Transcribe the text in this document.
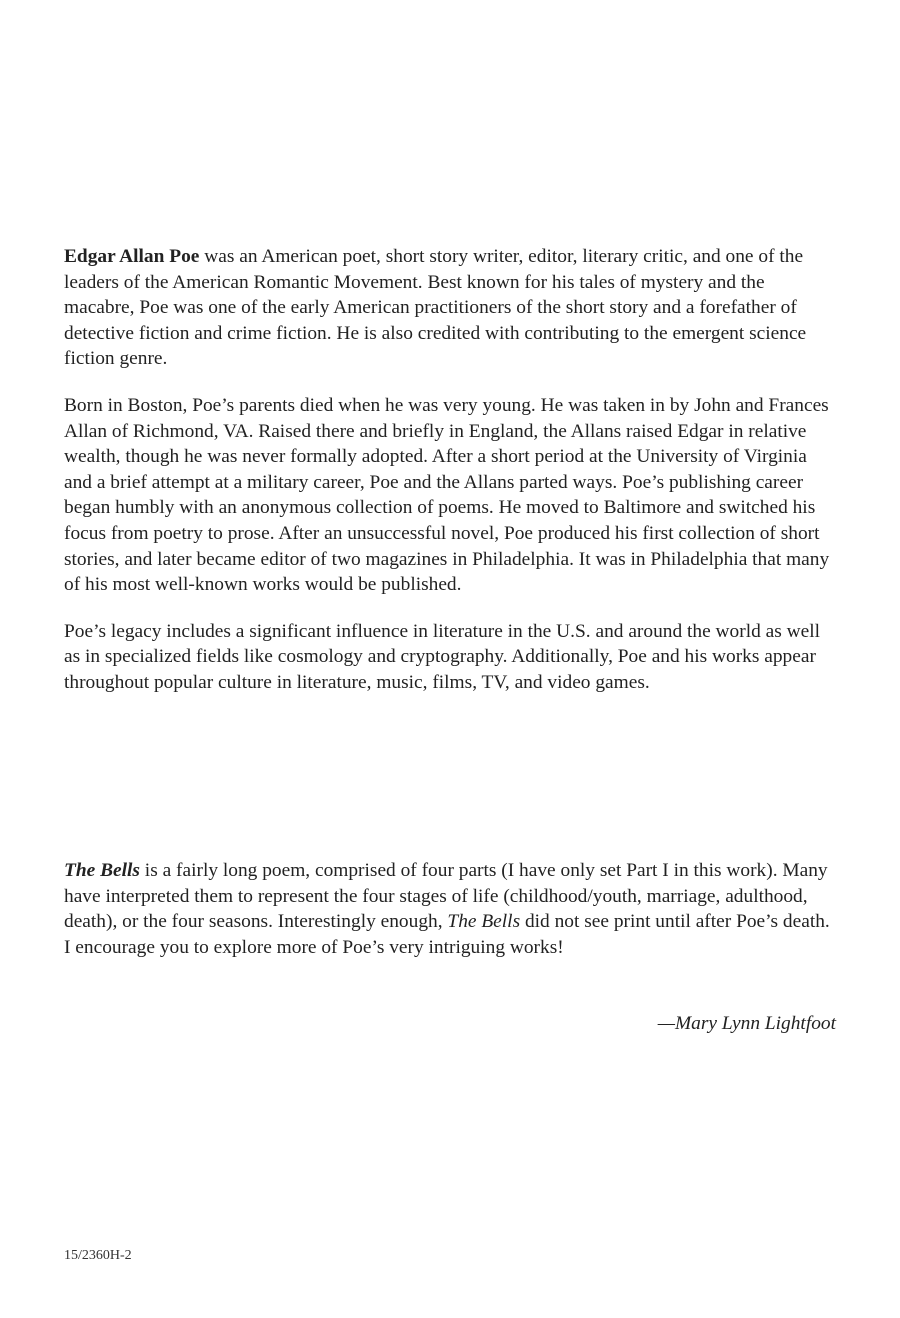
Edgar Allan Poe was an American poet, short story writer, editor, literary critic, and one of the leaders of the American Romantic Movement. Best known for his tales of mystery and the macabre, Poe was one of the early American practitioners of the short story and a forefather of detective fiction and crime fiction. He is also credited with contributing to the emergent science fiction genre.

Born in Boston, Poe’s parents died when he was very young. He was taken in by John and Frances Allan of Richmond, VA. Raised there and briefly in England, the Allans raised Edgar in relative wealth, though he was never formally adopted. After a short period at the University of Virginia and a brief attempt at a military career, Poe and the Allans parted ways. Poe’s publishing career began humbly with an anonymous collection of poems. He moved to Baltimore and switched his focus from poetry to prose. After an unsuccessful novel, Poe produced his first collection of short stories, and later became editor of two magazines in Philadelphia. It was in Philadelphia that many of his most well-known works would be published.

Poe’s legacy includes a significant influence in literature in the U.S. and around the world as well as in specialized fields like cosmology and cryptography. Additionally, Poe and his works appear throughout popular culture in literature, music, films, TV, and video games.

The Bells is a fairly long poem, comprised of four parts (I have only set Part I in this work). Many have interpreted them to represent the four stages of life (childhood/youth, marriage, adulthood, death), or the four seasons. Interestingly enough, The Bells did not see print until after Poe’s death. I encourage you to explore more of Poe’s very intriguing works!

—Mary Lynn Lightfoot
15/2360H-2
